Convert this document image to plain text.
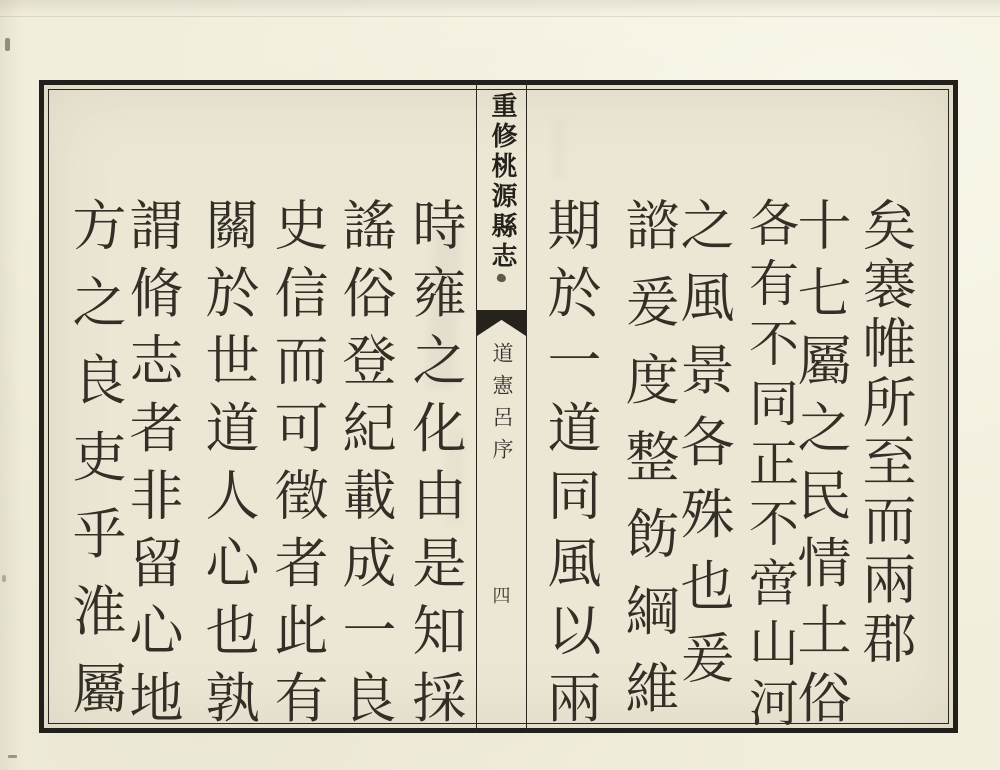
矣褰帷所至而兩郡
十七屬之民情土俗
各有不同正不啻山河
之風景各殊也爰
諮爰度整飭綱維
期於一道同風以兩
重修桃源縣志
道憲呂序
四
時雍之化由是知採
謠俗登紀載成一良
史信而可徵者此有
關於世道人心也孰
謂脩志者非留心地
方之良吏乎淮屬
